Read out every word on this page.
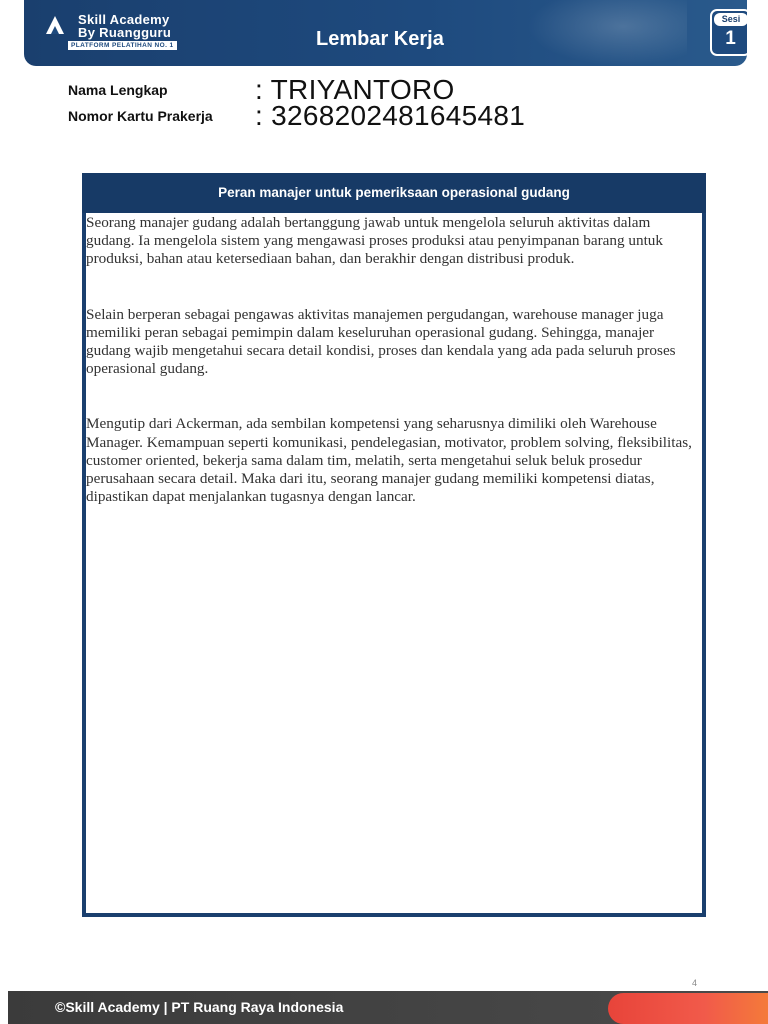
Skill Academy
By Ruangguru
PLATFORM PELATIHAN NO. 1	Lembar Kerja
Sesi
1
Nama Lengkap	: TRIYANTORO
Nomor Kartu Prakerja : 3268202481645481
Peran manajer untuk pemeriksaan operasional gudang

Seorang manajer gudang adalah bertanggung jawab untuk mengelola seluruh aktivitas dalam gudang. Ia mengelola sistem yang mengawasi proses produksi atau penyimpanan barang untuk produksi, bahan atau ketersediaan bahan, dan berakhir dengan distribusi produk.

Selain berperan sebagai pengawas aktivitas manajemen pergudangan, warehouse manager juga memiliki peran sebagai pemimpin dalam keseluruhan operasional gudang. Sehingga, manajer gudang wajib mengetahui secara detail kondisi, proses dan kendala yang ada pada seluruh proses operasional gudang.

Mengutip dari Ackerman, ada sembilan kompetensi yang seharusnya dimiliki oleh Warehouse Manager. Kemampuan seperti komunikasi, pendelegasian, motivator, problem solving, fleksibilitas, customer oriented, bekerja sama dalam tim, melatih, serta mengetahui seluk beluk prosedur perusahaan secara detail. Maka dari itu, seorang manajer gudang memiliki kompetensi diatas, dipastikan dapat menjalankan tugasnya dengan lancar.

4
©Skill Academy | PT Ruang Raya Indonesia
